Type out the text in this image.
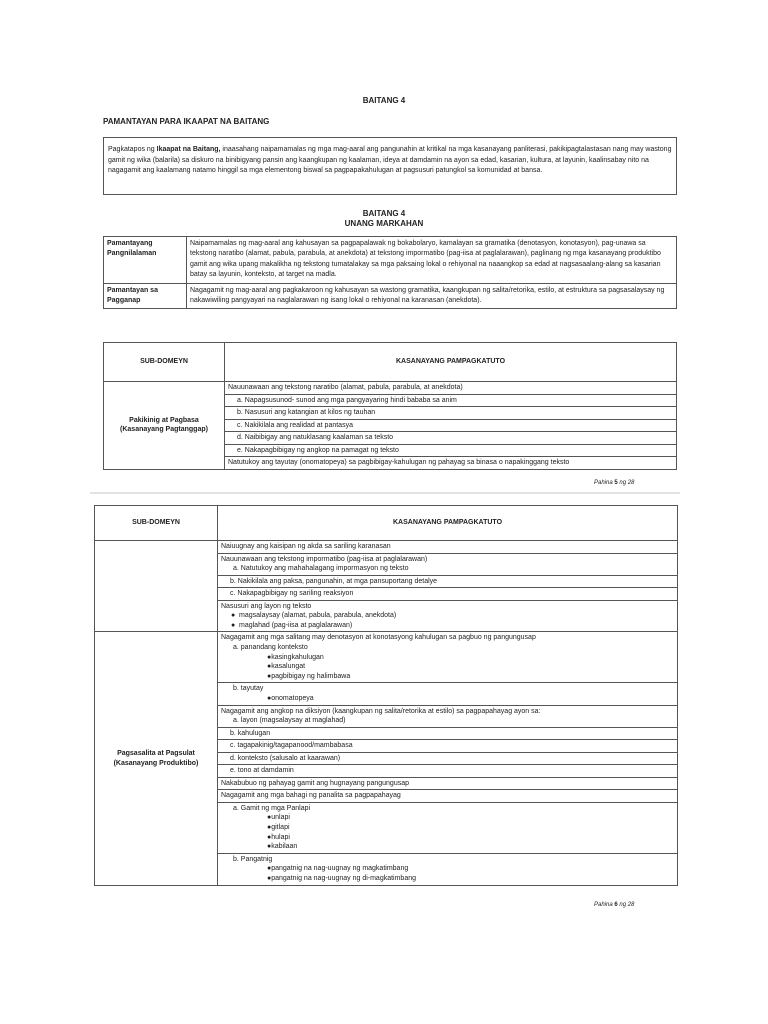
BAITANG 4
PAMANTAYAN PARA IKAAPAT NA BAITANG
Pagkatapos ng Ikaapat na Baitang, inaasahang naipamamalas ng mga mag-aaral ang pangunahin at kritikal na mga kasanayang panliterasi, pakikipagtalastasan nang may wastong gamit ng wika (balarila) sa diskuro na binibigyang pansin ang kaangkupan ng kaalaman, ideya at damdamin na ayon sa edad, kasarian, kultura, at layunin, kaalinsabay nito na nagagamit ang kaalamang natamo hinggil sa mga elementong biswal sa pagpapakahulugan at pagsusuri patungkol sa komunidad at bansa.
BAITANG 4
UNANG MARKAHAN
Pamantayang Pangnilalaman	Naipamamalas ng mag-aaral ang kahusayan sa pagpapalawak ng bokabolaryo, kamalayan sa gramatika (denotasyon, konotasyon), pag-unawa sa tekstong naratibo (alamat, pabula, parabula, at anekdota) at tekstong impormatibo (pag-iisa at paglalarawan), paglinang ng mga kasanayang produktibo gamit ang wika upang makalikha ng tekstong tumatalakay sa mga paksaing lokal o rehiyonal na naaangkop sa edad at nagsasaalang-alang sa kasarian batay sa layunin, konteksto, at target na madla.
Pamantayan sa Pagganap	Nagagamit ng mag-aaral ang pagkakaroon ng kahusayan sa wastong gramatika, kaangkupan ng salita/retorika, estilo, at estruktura sa pagsasalaysay ng nakawiwiling pangyayari na naglalarawan ng isang lokal o rehiyonal na karanasan (anekdota).
SUB-DOMEYN	KASANAYANG PAMPAGKATUTO
Pakikinig at Pagbasa (Kasanayang Pagtanggap)	Nauunawaan ang tekstong naratibo (alamat, pabula, parabula, at anekdota)
	a. Napagsusunod- sunod ang mga pangyayaring hindi bababa sa anim
	b. Nasusuri ang katangian at kilos ng tauhan
	c. Nakikilala ang realidad at pantasya
	d. Naibibigay ang natuklasang kaalaman sa teksto
	e. Nakapagbibigay ng angkop na pamagat ng teksto
	Natutukoy ang tayutay (onomatopeya) sa pagbibigay-kahulugan ng pahayag sa binasa o napakinggang teksto
Pahina 5 ng 28
SUB-DOMEYN	KASANAYANG PAMPAGKATUTO
	Naiuugnay ang kaisipan ng akda sa sariling karanasan

	Nauunawaan ang tekstong impormatibo (pag-iisa at paglalarawan)
a. Natutukoy ang mahahalagang impormasyon ng teksto

	b. Nakikilala ang paksa, pangunahin, at mga pansuportang detalye
	c. Nakapagbibigay ng sariling reaksiyon

	Nasusuri ang layon ng teksto
● magsalaysay (alamat, pabula, parabula, anekdota)
● maglahad (pag-iisa at paglalarawan)

Pagsasalita at Pagsulat (Kasanayang Produktibo)	Nagagamit ang mga salitang may denotasyon at konotasyong kahulugan sa pagbuo ng pangungusap
a. panandang konteksto
●kasingkahulugan
●kasalungat
●pagbibigay ng halimbawa

	b. tayutay
●onomatopeya

	Nagagamit ang angkop na diksiyon (kaangkupan ng salita/retorika at estilo) sa pagpapahayag ayon sa:
a. layon (magsalaysay at maglahad)

	b. kahulugan
	c. tagapakinig/tagapanood/mambabasa
	d. konteksto (salusalo at kaarawan)
	e. tono at damdamin
	Nakabubuo ng pahayag gamit ang hugnayang pangungusap
	Nagagamit ang mga bahagi ng panalita sa pagpapahayag

	a. Gamit ng mga Panlapi
●unlapi
●gitlapi
●hulapi
●kabilaan

	b. Pangatnig
●pangatnig na nag-uugnay ng magkatimbang
●pangatnig na nag-uugnay ng di-magkatimbang
Pahina 6 ng 28
